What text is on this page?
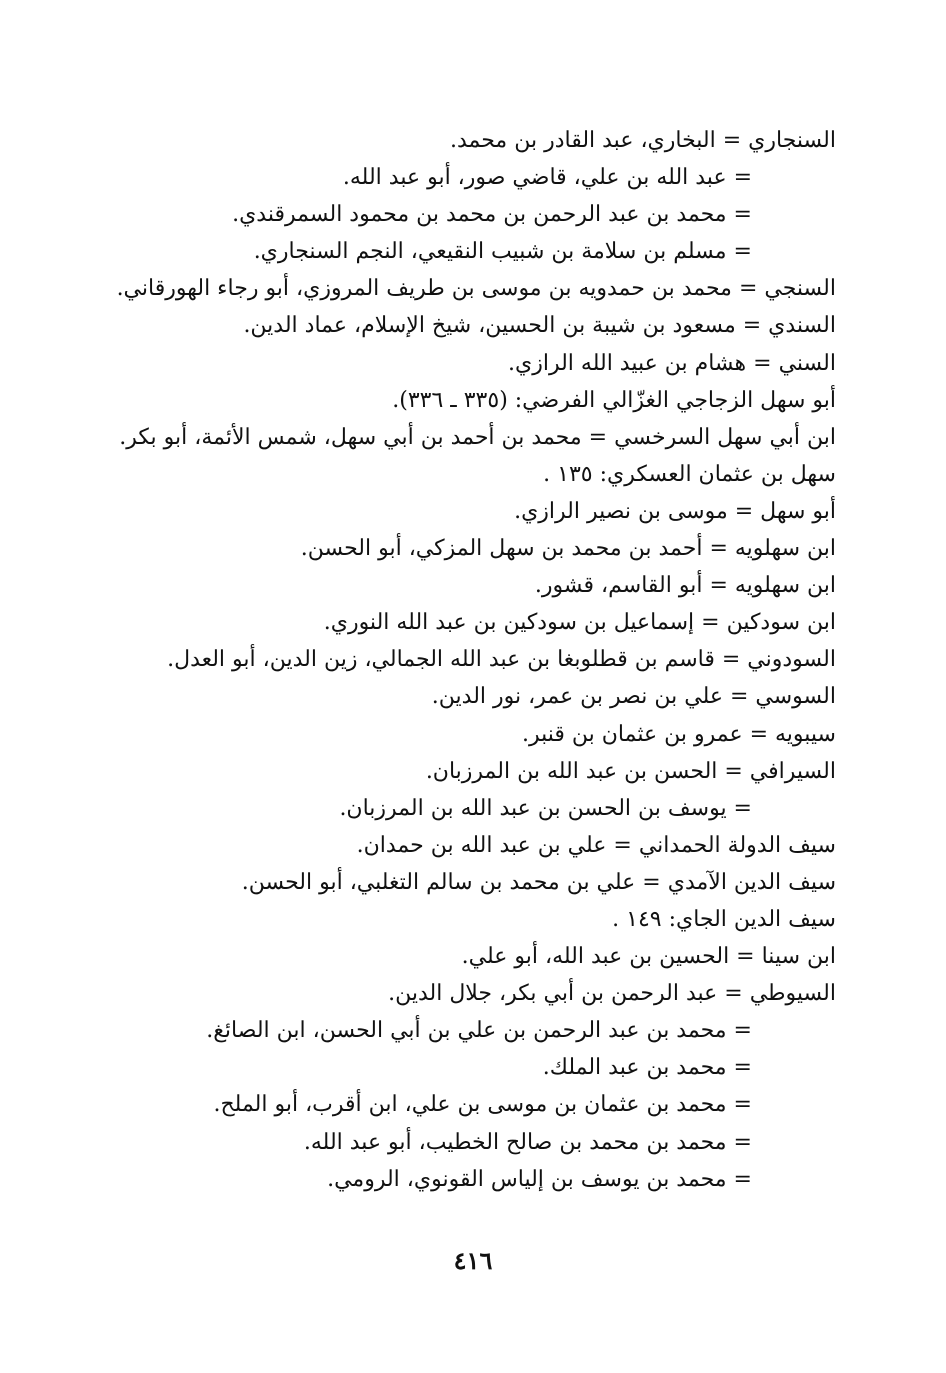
السنجاري = البخاري، عبد القادر بن محمد.
= عبد الله بن علي، قاضي صور، أبو عبد الله.
= محمد بن عبد الرحمن بن محمد بن محمود السمرقندي.
= مسلم بن سلامة بن شبيب النقيعي، النجم السنجاري.
السنجي = محمد بن حمدويه بن موسى بن طريف المروزي، أبو رجاء الهورقاني.
السندي = مسعود بن شيبة بن الحسين، شيخ الإسلام، عماد الدين.
السني = هشام بن عبيد الله الرازي.
أبو سهل الزجاجي الغزّالي الفرضي: (٣٣٥ ـ ٣٣٦).
ابن أبي سهل السرخسي = محمد بن أحمد بن أبي سهل، شمس الأئمة، أبو بكر.
سهل بن عثمان العسكري: ١٣٥ .
أبو سهل = موسى بن نصير الرازي.
ابن سهلويه = أحمد بن محمد بن سهل المزكي، أبو الحسن.
ابن سهلويه = أبو القاسم، قشور.
ابن سودكين = إسماعيل بن سودكين بن عبد الله النوري.
السودوني = قاسم بن قطلوبغا بن عبد الله الجمالي، زين الدين، أبو العدل.
السوسي = علي بن نصر بن عمر، نور الدين.
سيبويه = عمرو بن عثمان بن قنبر.
السيرافي = الحسن بن عبد الله بن المرزبان.
= يوسف بن الحسن بن عبد الله بن المرزبان.
سيف الدولة الحمداني = علي بن عبد الله بن حمدان.
سيف الدين الآمدي = علي بن محمد بن سالم التغلبي، أبو الحسن.
سيف الدين الجاي: ١٤٩ .
ابن سينا = الحسين بن عبد الله، أبو علي.
السيوطي = عبد الرحمن بن أبي بكر، جلال الدين.
= محمد بن عبد الرحمن بن علي بن أبي الحسن، ابن الصائغ.
= محمد بن عبد الملك.
= محمد بن عثمان بن موسى بن علي، ابن أقرب، أبو الملح.
= محمد بن محمد بن صالح الخطيب، أبو عبد الله.
= محمد بن يوسف بن إلياس القونوي، الرومي.
٤١٦
